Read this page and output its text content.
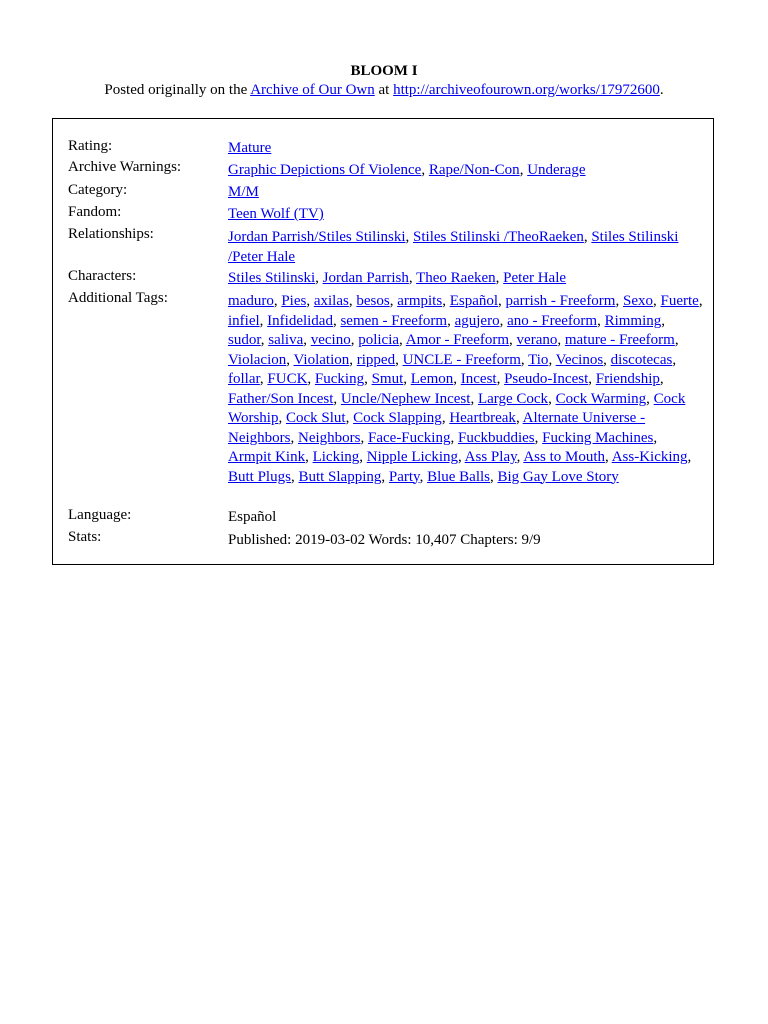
BLOOM I
Posted originally on the Archive of Our Own at http://archiveofourown.org/works/17972600.
Rating:	Mature
Archive Warnings:	Graphic Depictions Of Violence , Rape/Non-Con , Underage
Category:	M/M
Fandom:	Teen Wolf (TV)
Relationships:	Jordan Parrish/Stiles Stilinski , Stiles Stilinski /TheoRaeken , Stiles Stilinski /Peter Hale
Characters:	Stiles Stilinski , Jordan Parrish , Theo Raeken , Peter Hale
Additional Tags:	maduro , Pies , axilas , besos , armpits , Español , parrish - Freeform , Sexo , Fuerte , infiel , Infidelidad , semen - Freeform , agujero , ano - Freeform , Rimming , sudor , saliva , vecino , policia , Amor - Freeform , verano , mature - Freeform , Violacion , Violation , ripped , UNCLE - Freeform , Tio , Vecinos , discotecas , follar , FUCK , Fucking , Smut , Lemon , Incest , Pseudo-Incest , Friendship , Father/Son Incest , Uncle/Nephew Incest , Large Cock , Cock Warming , Cock Worship , Cock Slut , Cock Slapping , Heartbreak , Alternate Universe - Neighbors , Neighbors , Face-Fucking , Fuckbuddies , Fucking Machines , Armpit Kink , Licking , Nipple Licking , Ass Play , Ass to Mouth , Ass-Kicking , Butt Plugs , Butt Slapping , Party , Blue Balls , Big Gay Love Story
Language:	Español
Stats:	Published: 2019-03-02 Words: 10,407 Chapters: 9/9
